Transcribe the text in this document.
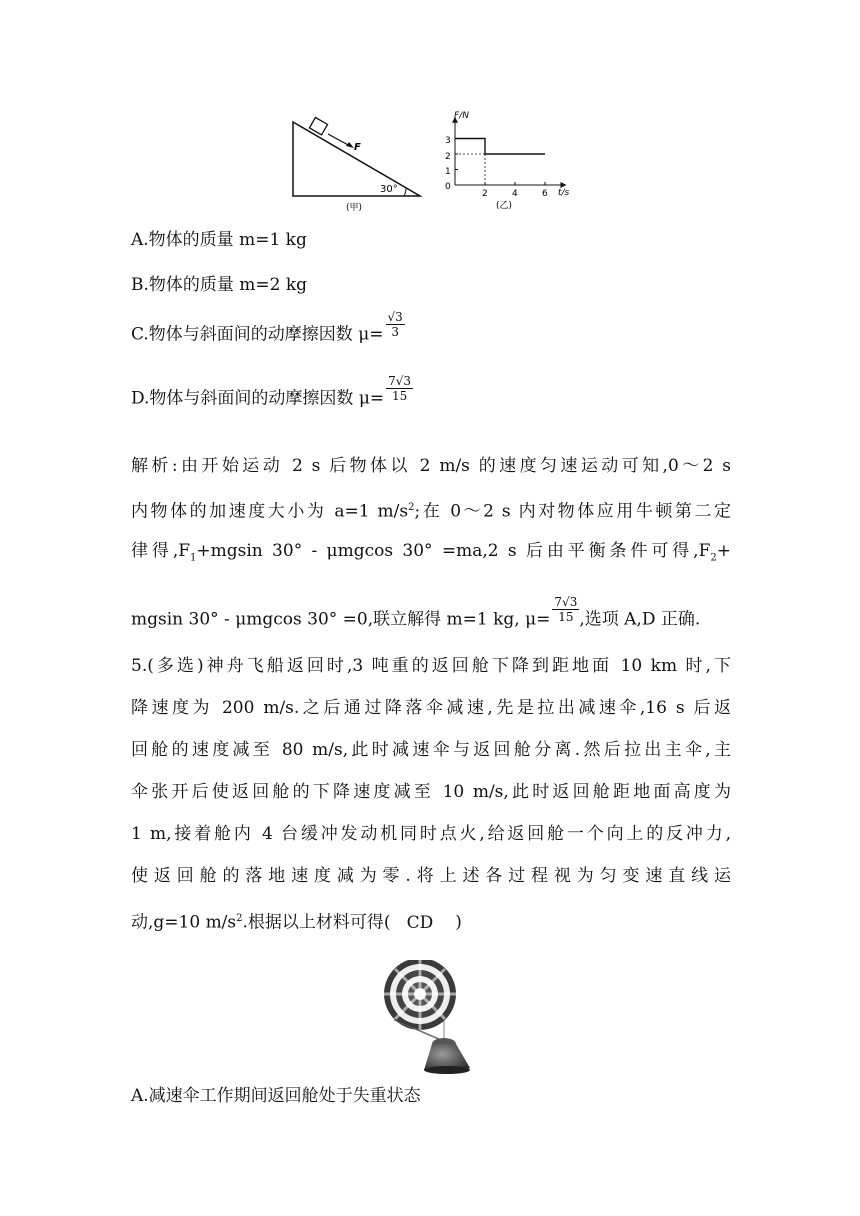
F
30°
(甲)
F/N
t/s
3
2
1
0
2	4	6
(乙)
A.物体的质量 m=1 kg
B.物体的质量 m=2 kg
C.物体与斜面间的动摩擦因数 $\mu= \frac{√3}{3}$
D.物体与斜面间的动摩擦因数 $\mu= \frac{7√3}{15}$
解析:由开始运动 2 s 后物体以 2 m/s 的速度匀速运动可知,0～2 s
内物体的加速度大小为 a=1 $m/s^2$;在 0～2 s 内对物体应用牛顿第二定
律得$,F_1+mgsin$ 30° - μmgcos 30° =ma,2 s 后由平衡条件可得$,F_2+$
mgsin 30° - μmgcos 30° =0,联立解得 m=1 kg, $\mu= \frac{7√3}{15}$ ,选项 A,D 正确.
5.(多选)神舟飞船返回时,3 吨重的返回舱下降到距地面 10 km 时,下
降速度为 200 m/s.之后通过降落伞减速,先是拉出减速伞,16 s 后返
回舱的速度减至 80 m/s,此时减速伞与返回舱分离.然后拉出主伞,主
伞张开后使返回舱的下降速度减至 10 m/s,此时返回舱距地面高度为
1 m,接着舱内 4 台缓冲发动机同时点火,给返回舱一个向上的反冲力,
使返回舱的落地速度减为零.将上述各过程视为匀变速直线运
动,g=10 $m/s^2$.根据以上材料可得( CD )
A.减速伞工作期间返回舱处于失重状态
